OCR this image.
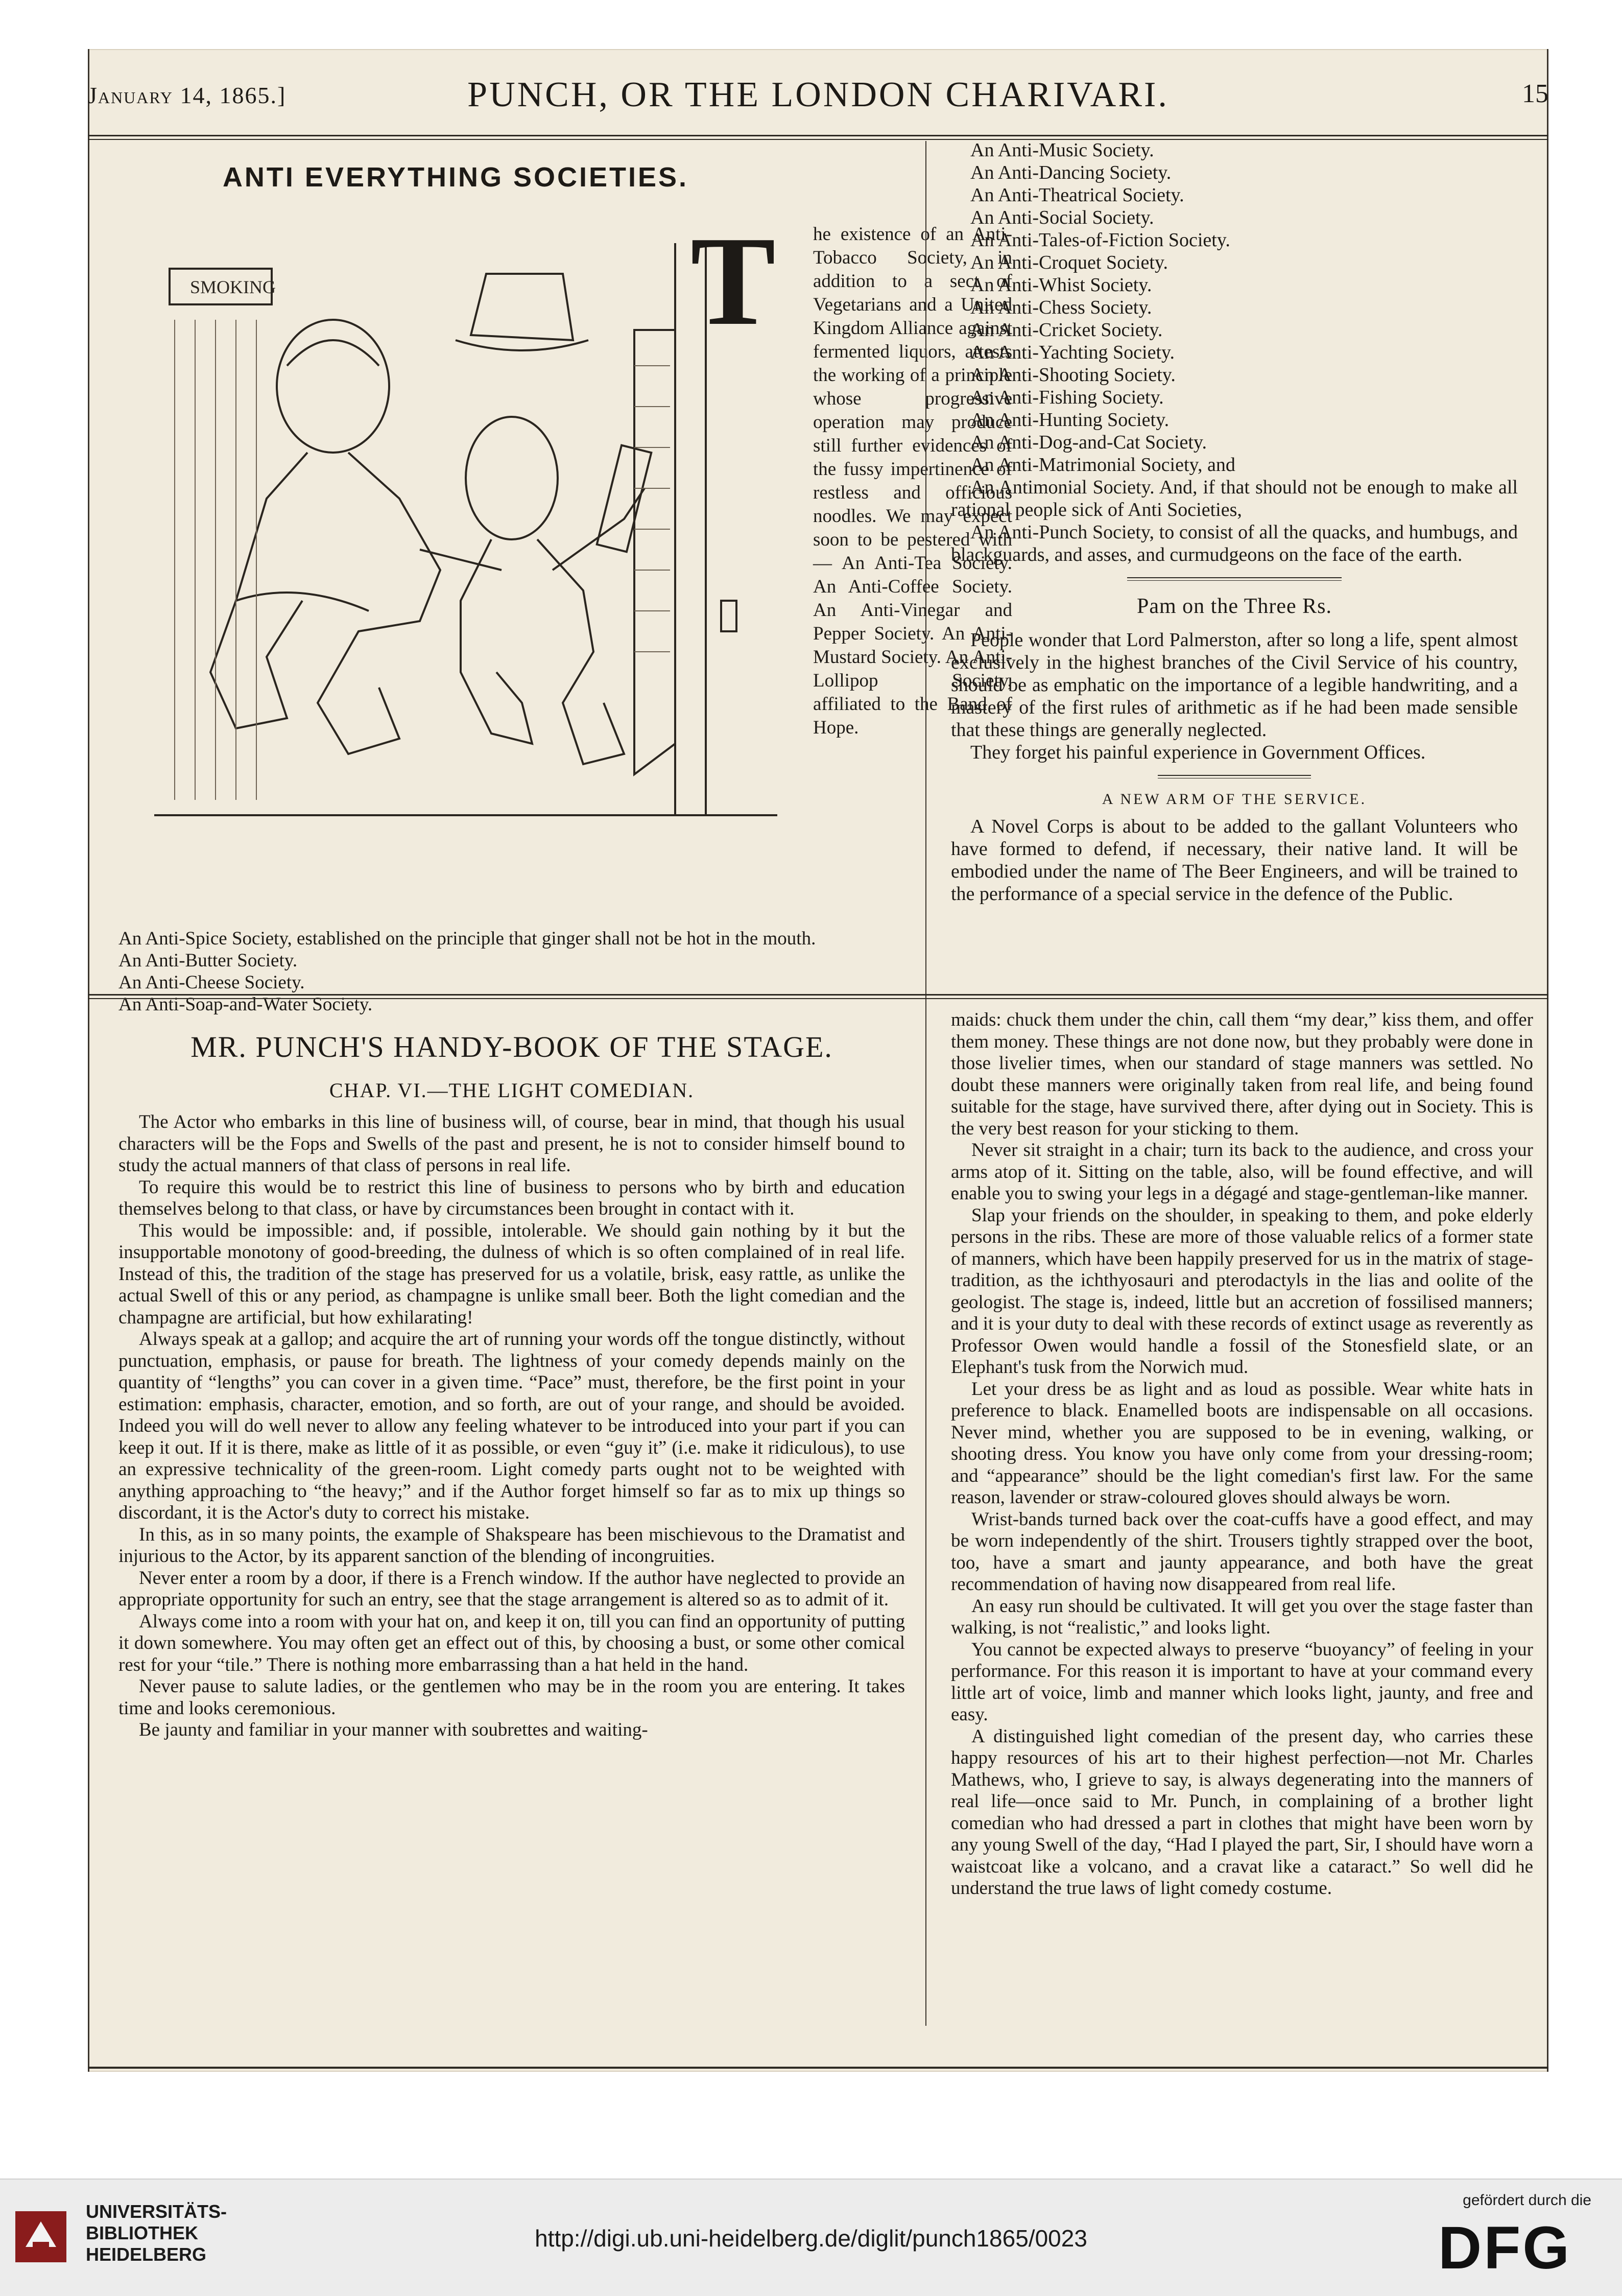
January 14, 1865.]	PUNCH, OR THE LONDON CHARIVARI.	15
ANTI EVERYTHING SOCIETIES.
SMOKING	T he existence of an Anti-Tobacco Society, in addition to a sect of Vegetarians and a United Kingdom Alliance against fermented liquors, attests the working of a principle whose progressive operation may produce still further evidences of the fussy impertinence of restless and officious noodles. We may expect soon to be pestered with— An Anti-Tea Society. An Anti-Coffee Society. An Anti-Vinegar and Pepper Society. An Anti-Mustard Society. An Anti-Lollipop Society, affiliated to the Band of Hope.

An Anti-Spice Society, established on the principle that ginger shall not be hot in the mouth.

An Anti-Butter Society.

An Anti-Cheese Society.

An Anti-Soap-and-Water Society.

An Anti-Music Society.
An Anti-Dancing Society.
An Anti-Theatrical Society.
An Anti-Social Society.
An Anti-Tales-of-Fiction Society.
An Anti-Croquet Society.
An Anti-Whist Society.
An Anti-Chess Society.
An Anti-Cricket Society.
An Anti-Yachting Society.
An Anti-Shooting Society.
An Anti-Fishing Society.
An Anti-Hunting Society.
An Anti-Dog-and-Cat Society.
An Anti-Matrimonial Society, and

An Antimonial Society. And, if that should not be enough to make all rational people sick of Anti Societies,

An Anti-Punch Society, to consist of all the quacks, and humbugs, and blackguards, and asses, and curmudgeons on the face of the earth.

Pam on the Three Rs.

People wonder that Lord Palmerston, after so long a life, spent almost exclusively in the highest branches of the Civil Service of his country, should be as emphatic on the importance of a legible handwriting, and a mastery of the first rules of arithmetic as if he had been made sensible that these things are generally neglected.

They forget his painful experience in Government Offices.

A NEW ARM OF THE SERVICE.

A Novel Corps is about to be added to the gallant Volunteers who have formed to defend, if necessary, their native land. It will be embodied under the name of The Beer Engineers, and will be trained to the performance of a special service in the defence of the Public.

MR. PUNCH'S HANDY-BOOK OF THE STAGE.
CHAP. VI.—THE LIGHT COMEDIAN.

The Actor who embarks in this line of business will, of course, bear in mind, that though his usual characters will be the Fops and Swells of the past and present, he is not to consider himself bound to study the actual manners of that class of persons in real life.

To require this would be to restrict this line of business to persons who by birth and education themselves belong to that class, or have by circumstances been brought in contact with it.

This would be impossible: and, if possible, intolerable. We should gain nothing by it but the insupportable monotony of good-breeding, the dulness of which is so often complained of in real life. Instead of this, the tradition of the stage has preserved for us a volatile, brisk, easy rattle, as unlike the actual Swell of this or any period, as champagne is unlike small beer. Both the light comedian and the champagne are artificial, but how exhilarating!

Always speak at a gallop; and acquire the art of running your words off the tongue distinctly, without punctuation, emphasis, or pause for breath. The lightness of your comedy depends mainly on the quantity of “lengths” you can cover in a given time. “Pace” must, therefore, be the first point in your estimation: emphasis, character, emotion, and so forth, are out of your range, and should be avoided. Indeed you will do well never to allow any feeling whatever to be introduced into your part if you can keep it out. If it is there, make as little of it as possible, or even “guy it” (i.e. make it ridiculous), to use an expressive technicality of the green-room. Light comedy parts ought not to be weighted with anything approaching to “the heavy;” and if the Author forget himself so far as to mix up things so discordant, it is the Actor's duty to correct his mistake.

In this, as in so many points, the example of Shakspeare has been mischievous to the Dramatist and injurious to the Actor, by its apparent sanction of the blending of incongruities.

Never enter a room by a door, if there is a French window. If the author have neglected to provide an appropriate opportunity for such an entry, see that the stage arrangement is altered so as to admit of it.

Always come into a room with your hat on, and keep it on, till you can find an opportunity of putting it down somewhere. You may often get an effect out of this, by choosing a bust, or some other comical rest for your “tile.” There is nothing more embarrassing than a hat held in the hand.

Never pause to salute ladies, or the gentlemen who may be in the room you are entering. It takes time and looks ceremonious.

Be jaunty and familiar in your manner with soubrettes and waiting-

maids: chuck them under the chin, call them “my dear,” kiss them, and offer them money. These things are not done now, but they probably were done in those livelier times, when our standard of stage manners was settled. No doubt these manners were originally taken from real life, and being found suitable for the stage, have survived there, after dying out in Society. This is the very best reason for your sticking to them.

Never sit straight in a chair; turn its back to the audience, and cross your arms atop of it. Sitting on the table, also, will be found effective, and will enable you to swing your legs in a dégagé and stage-gentleman-like manner.

Slap your friends on the shoulder, in speaking to them, and poke elderly persons in the ribs. These are more of those valuable relics of a former state of manners, which have been happily preserved for us in the matrix of stage-tradition, as the ichthyosauri and pterodactyls in the lias and oolite of the geologist. The stage is, indeed, little but an accretion of fossilised manners; and it is your duty to deal with these records of extinct usage as reverently as Professor Owen would handle a fossil of the Stonesfield slate, or an Elephant's tusk from the Norwich mud.

Let your dress be as light and as loud as possible. Wear white hats in preference to black. Enamelled boots are indispensable on all occasions. Never mind, whether you are supposed to be in evening, walking, or shooting dress. You know you have only come from your dressing-room; and “appearance” should be the light comedian's first law. For the same reason, lavender or straw-coloured gloves should always be worn.

Wrist-bands turned back over the coat-cuffs have a good effect, and may be worn independently of the shirt. Trousers tightly strapped over the boot, too, have a smart and jaunty appearance, and both have the great recommendation of having now disappeared from real life.

An easy run should be cultivated. It will get you over the stage faster than walking, is not “realistic,” and looks light.

You cannot be expected always to preserve “buoyancy” of feeling in your performance. For this reason it is important to have at your command every little art of voice, limb and manner which looks light, jaunty, and free and easy.

A distinguished light comedian of the present day, who carries these happy resources of his art to their highest perfection—not Mr. Charles Mathews, who, I grieve to say, is always degenerating into the manners of real life—once said to Mr. Punch, in complaining of a brother light comedian who had dressed a part in clothes that might have been worn by any young Swell of the day, “Had I played the part, Sir, I should have worn a waistcoat like a volcano, and a cravat like a cataract.” So well did he understand the true laws of light comedy costume.

UNIVERSITÄTS-
BIBLIOTHEK
HEIDELBERG
http://digi.ub.uni-heidelberg.de/diglit/punch1865/0023
gefördert durch die
DFG
